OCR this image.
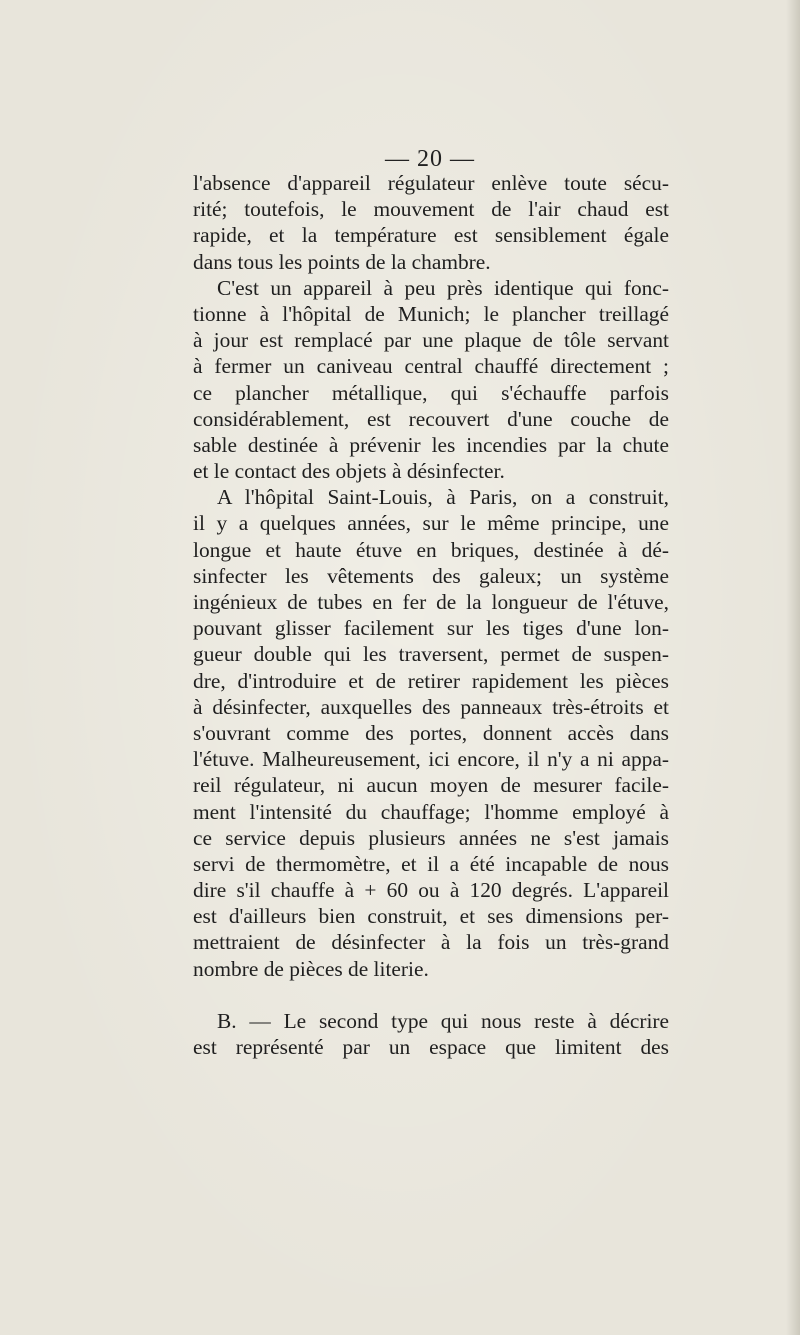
— 20 —
l'absence d'appareil régulateur enlève toute sécu-
rité; toutefois, le mouvement de l'air chaud est
rapide, et la température est sensiblement égale
dans tous les points de la chambre.
C'est un appareil à peu près identique qui fonc-
tionne à l'hôpital de Munich; le plancher treillagé
à jour est remplacé par une plaque de tôle servant
à fermer un caniveau central chauffé directement ;
ce plancher métallique, qui s'échauffe parfois
considérablement, est recouvert d'une couche de
sable destinée à prévenir les incendies par la chute
et le contact des objets à désinfecter.
A l'hôpital Saint-Louis, à Paris, on a construit,
il y a quelques années, sur le même principe, une
longue et haute étuve en briques, destinée à dé-
sinfecter les vêtements des galeux; un système
ingénieux de tubes en fer de la longueur de l'étuve,
pouvant glisser facilement sur les tiges d'une lon-
gueur double qui les traversent, permet de suspen-
dre, d'introduire et de retirer rapidement les pièces
à désinfecter, auxquelles des panneaux très-étroits et
s'ouvrant comme des portes, donnent accès dans
l'étuve. Malheureusement, ici encore, il n'y a ni appa-
reil régulateur, ni aucun moyen de mesurer facile-
ment l'intensité du chauffage; l'homme employé à
ce service depuis plusieurs années ne s'est jamais
servi de thermomètre, et il a été incapable de nous
dire s'il chauffe à + 60 ou à 120 degrés. L'appareil
est d'ailleurs bien construit, et ses dimensions per-
mettraient de désinfecter à la fois un très-grand
nombre de pièces de literie.
B. — Le second type qui nous reste à décrire
est représenté par un espace que limitent des
